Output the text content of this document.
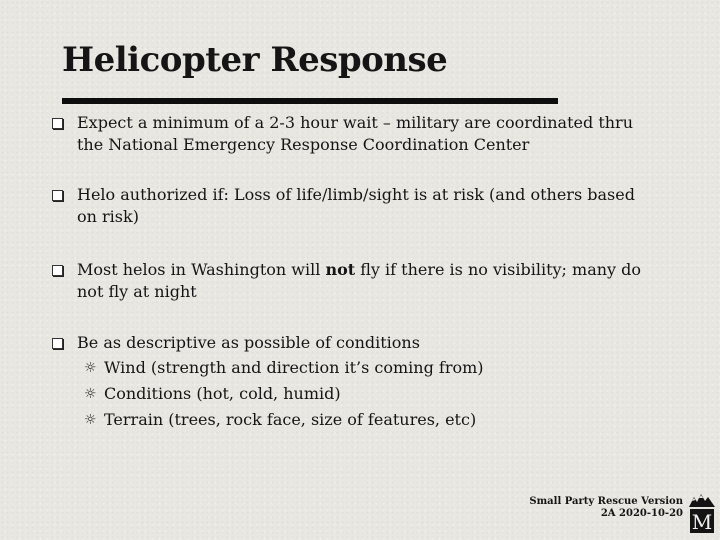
Helicopter Response
Expect a minimum of a 2-3 hour wait – military are coordinated thru
the National Emergency Response Coordination Center
Helo authorized if: Loss of life/limb/sight is at risk (and others based
on risk)
Most helos in Washington will not fly if there is no visibility; many do
not fly at night
Be as descriptive as possible of conditions
☼ Wind (strength and direction it’s coming from)
☼ Conditions (hot, cold, humid)
☼ Terrain (trees, rock face, size of features, etc)
Small Party Rescue Version
2A 2020-10-20 M
